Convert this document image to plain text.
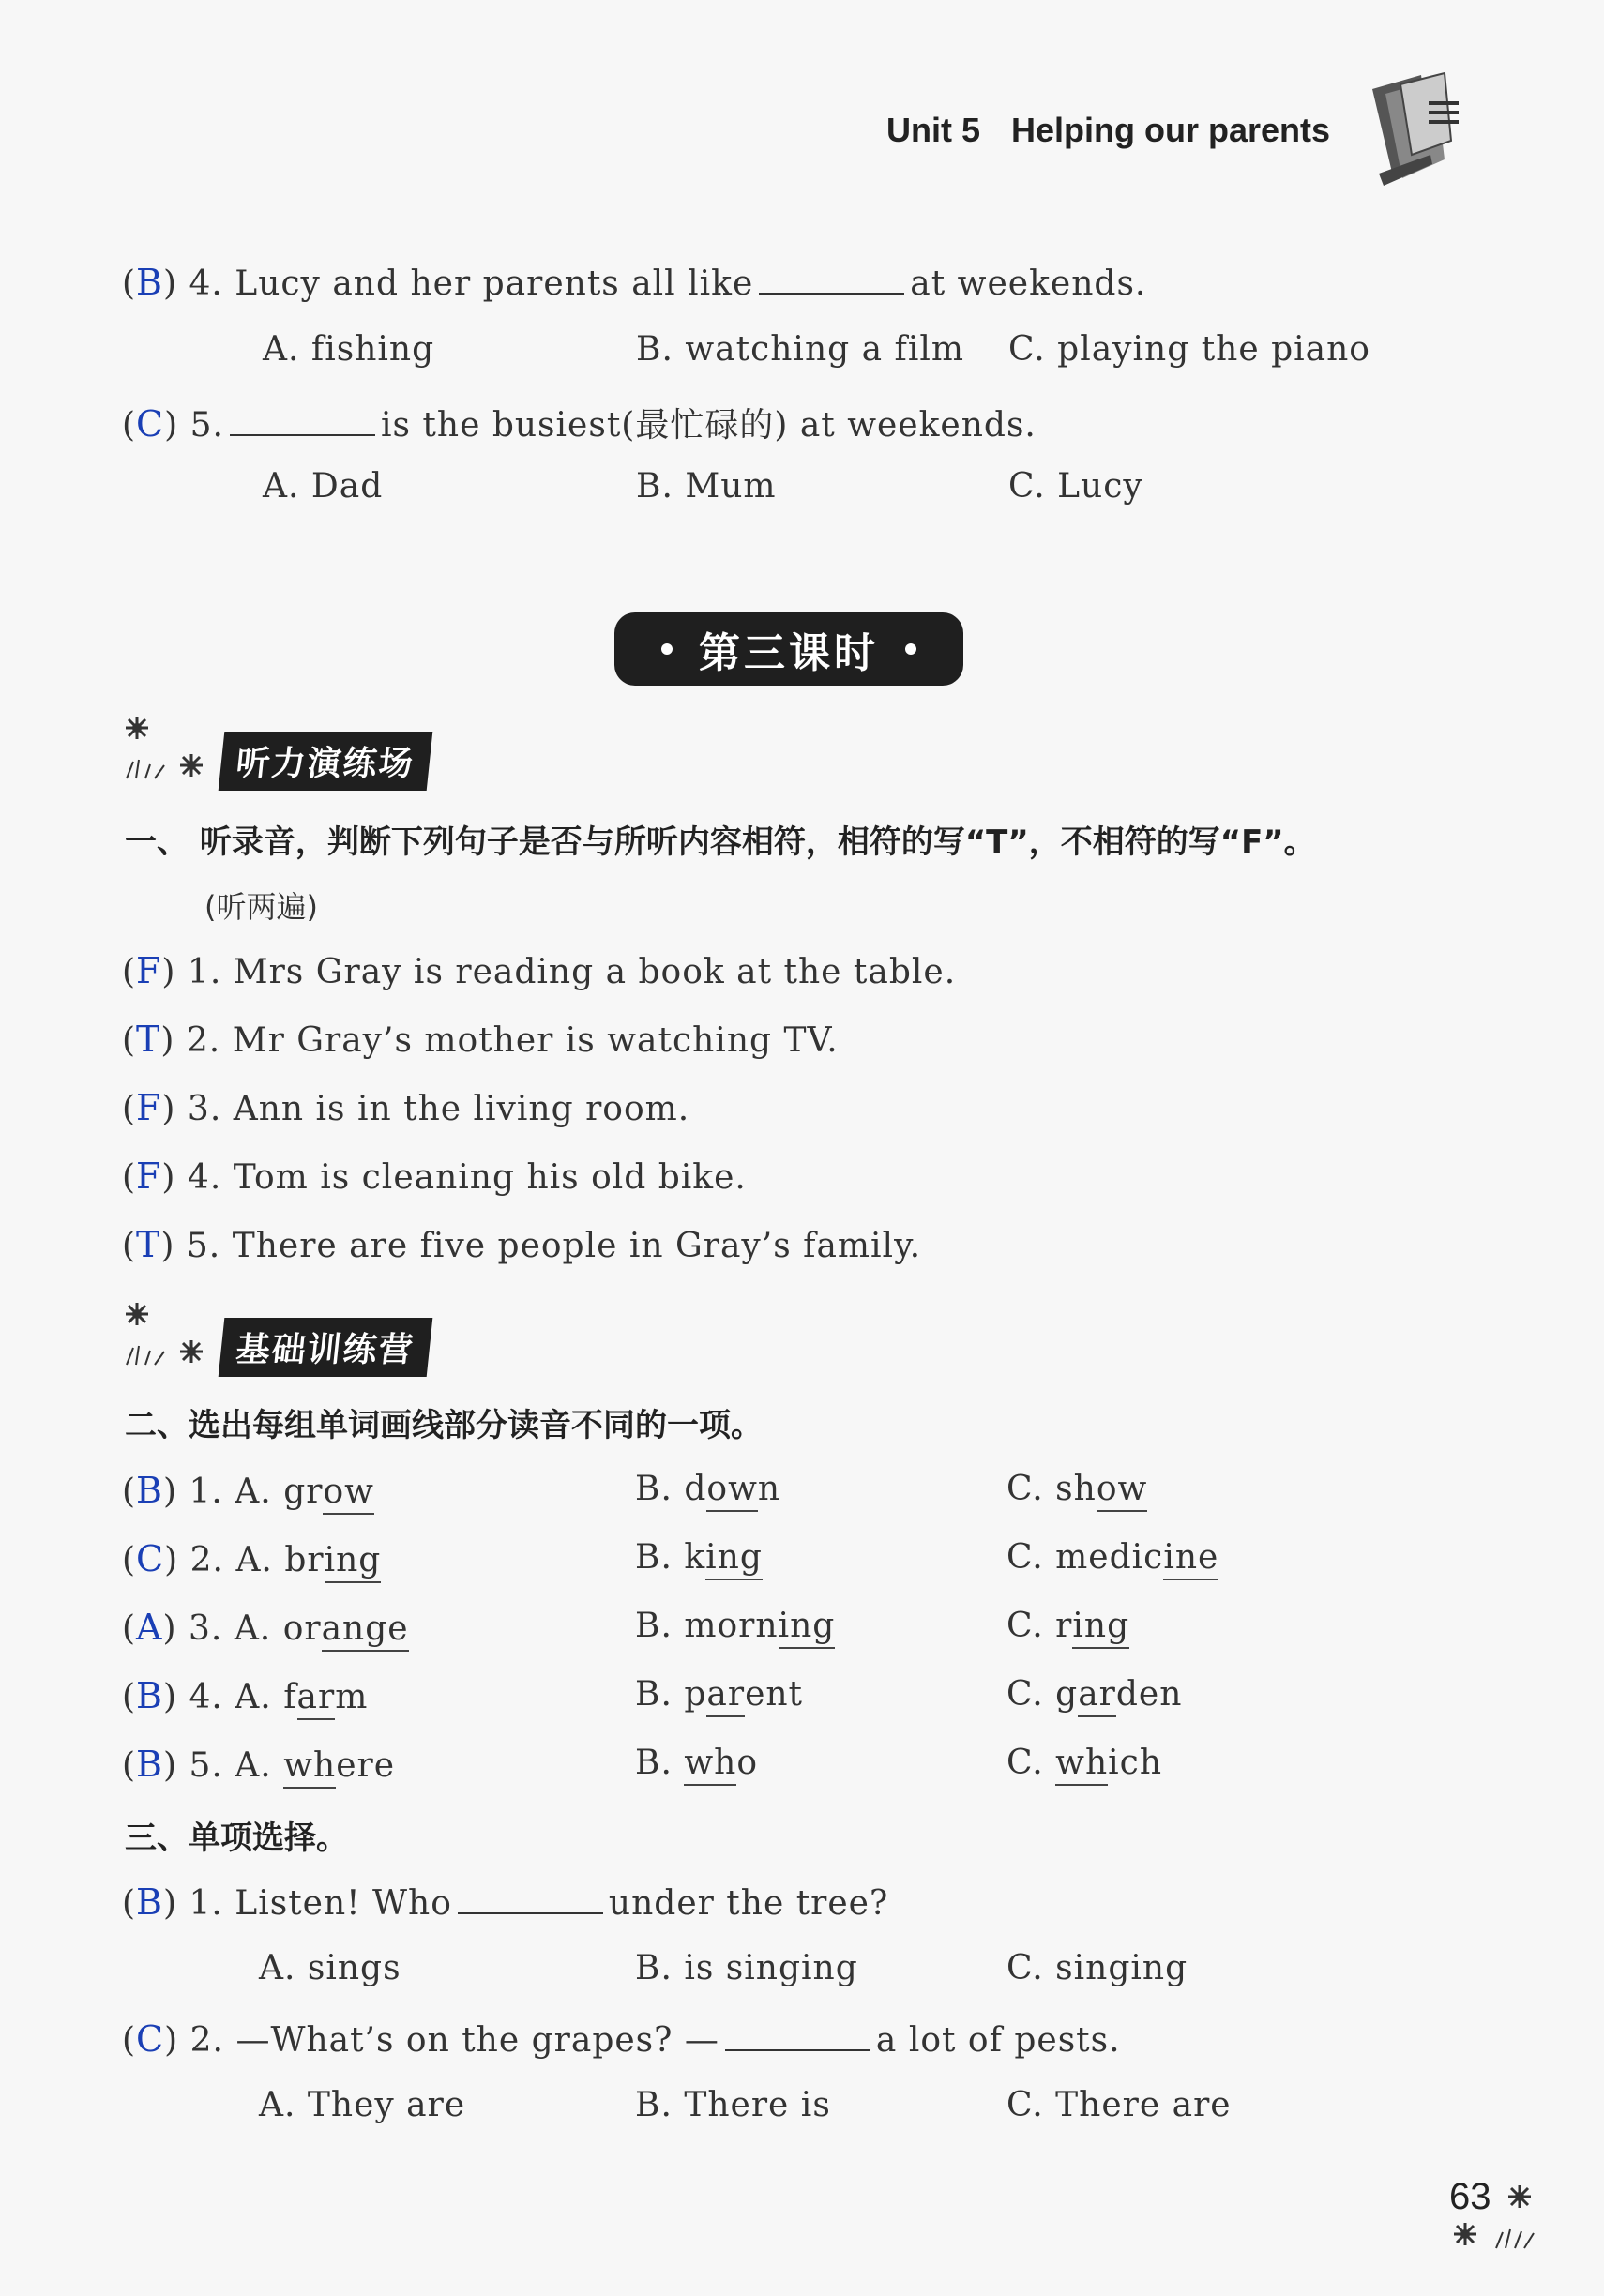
Unit 5 Helping our parents
(B) 4. Lucy and her parents all like	at weekends.
A. fishing	B. watching a film C. playing the piano
(C) 5.	is the busiest(最忙碌的) at weekends.
A. Dad	B. Mum	C. Lucy
第三课时
听力演练场
一、 听录音，判断下列句子是否与所听内容相符，相符的写“T”，不相符的写“F”。
(听两遍)
(F) 1. Mrs Gray is reading a book at the table.
(T) 2. Mr Gray’s mother is watching TV.
(F) 3. Ann is in the living room.
(F) 4. Tom is cleaning his old bike.
(T) 5. There are five people in Gray’s family.
基础训练营
二、选出每组单词画线部分读音不同的一项。
(B) 1. A. grow	B. down	C. show
(C) 2. A. bring	B. king	C. medicine
(A) 3. A. orange	B. morning	C. ring
(B) 4. A. farm	B. parent	C. garden
(B) 5. A. where	B. who	C. which
三、单项选择。
(B) 1. Listen! Who	under the tree?
A. sings	B. is singing	C. singing
(C) 2. —What’s on the grapes? —	a lot of pests.
A. They are	B. There is	C. There are
63
